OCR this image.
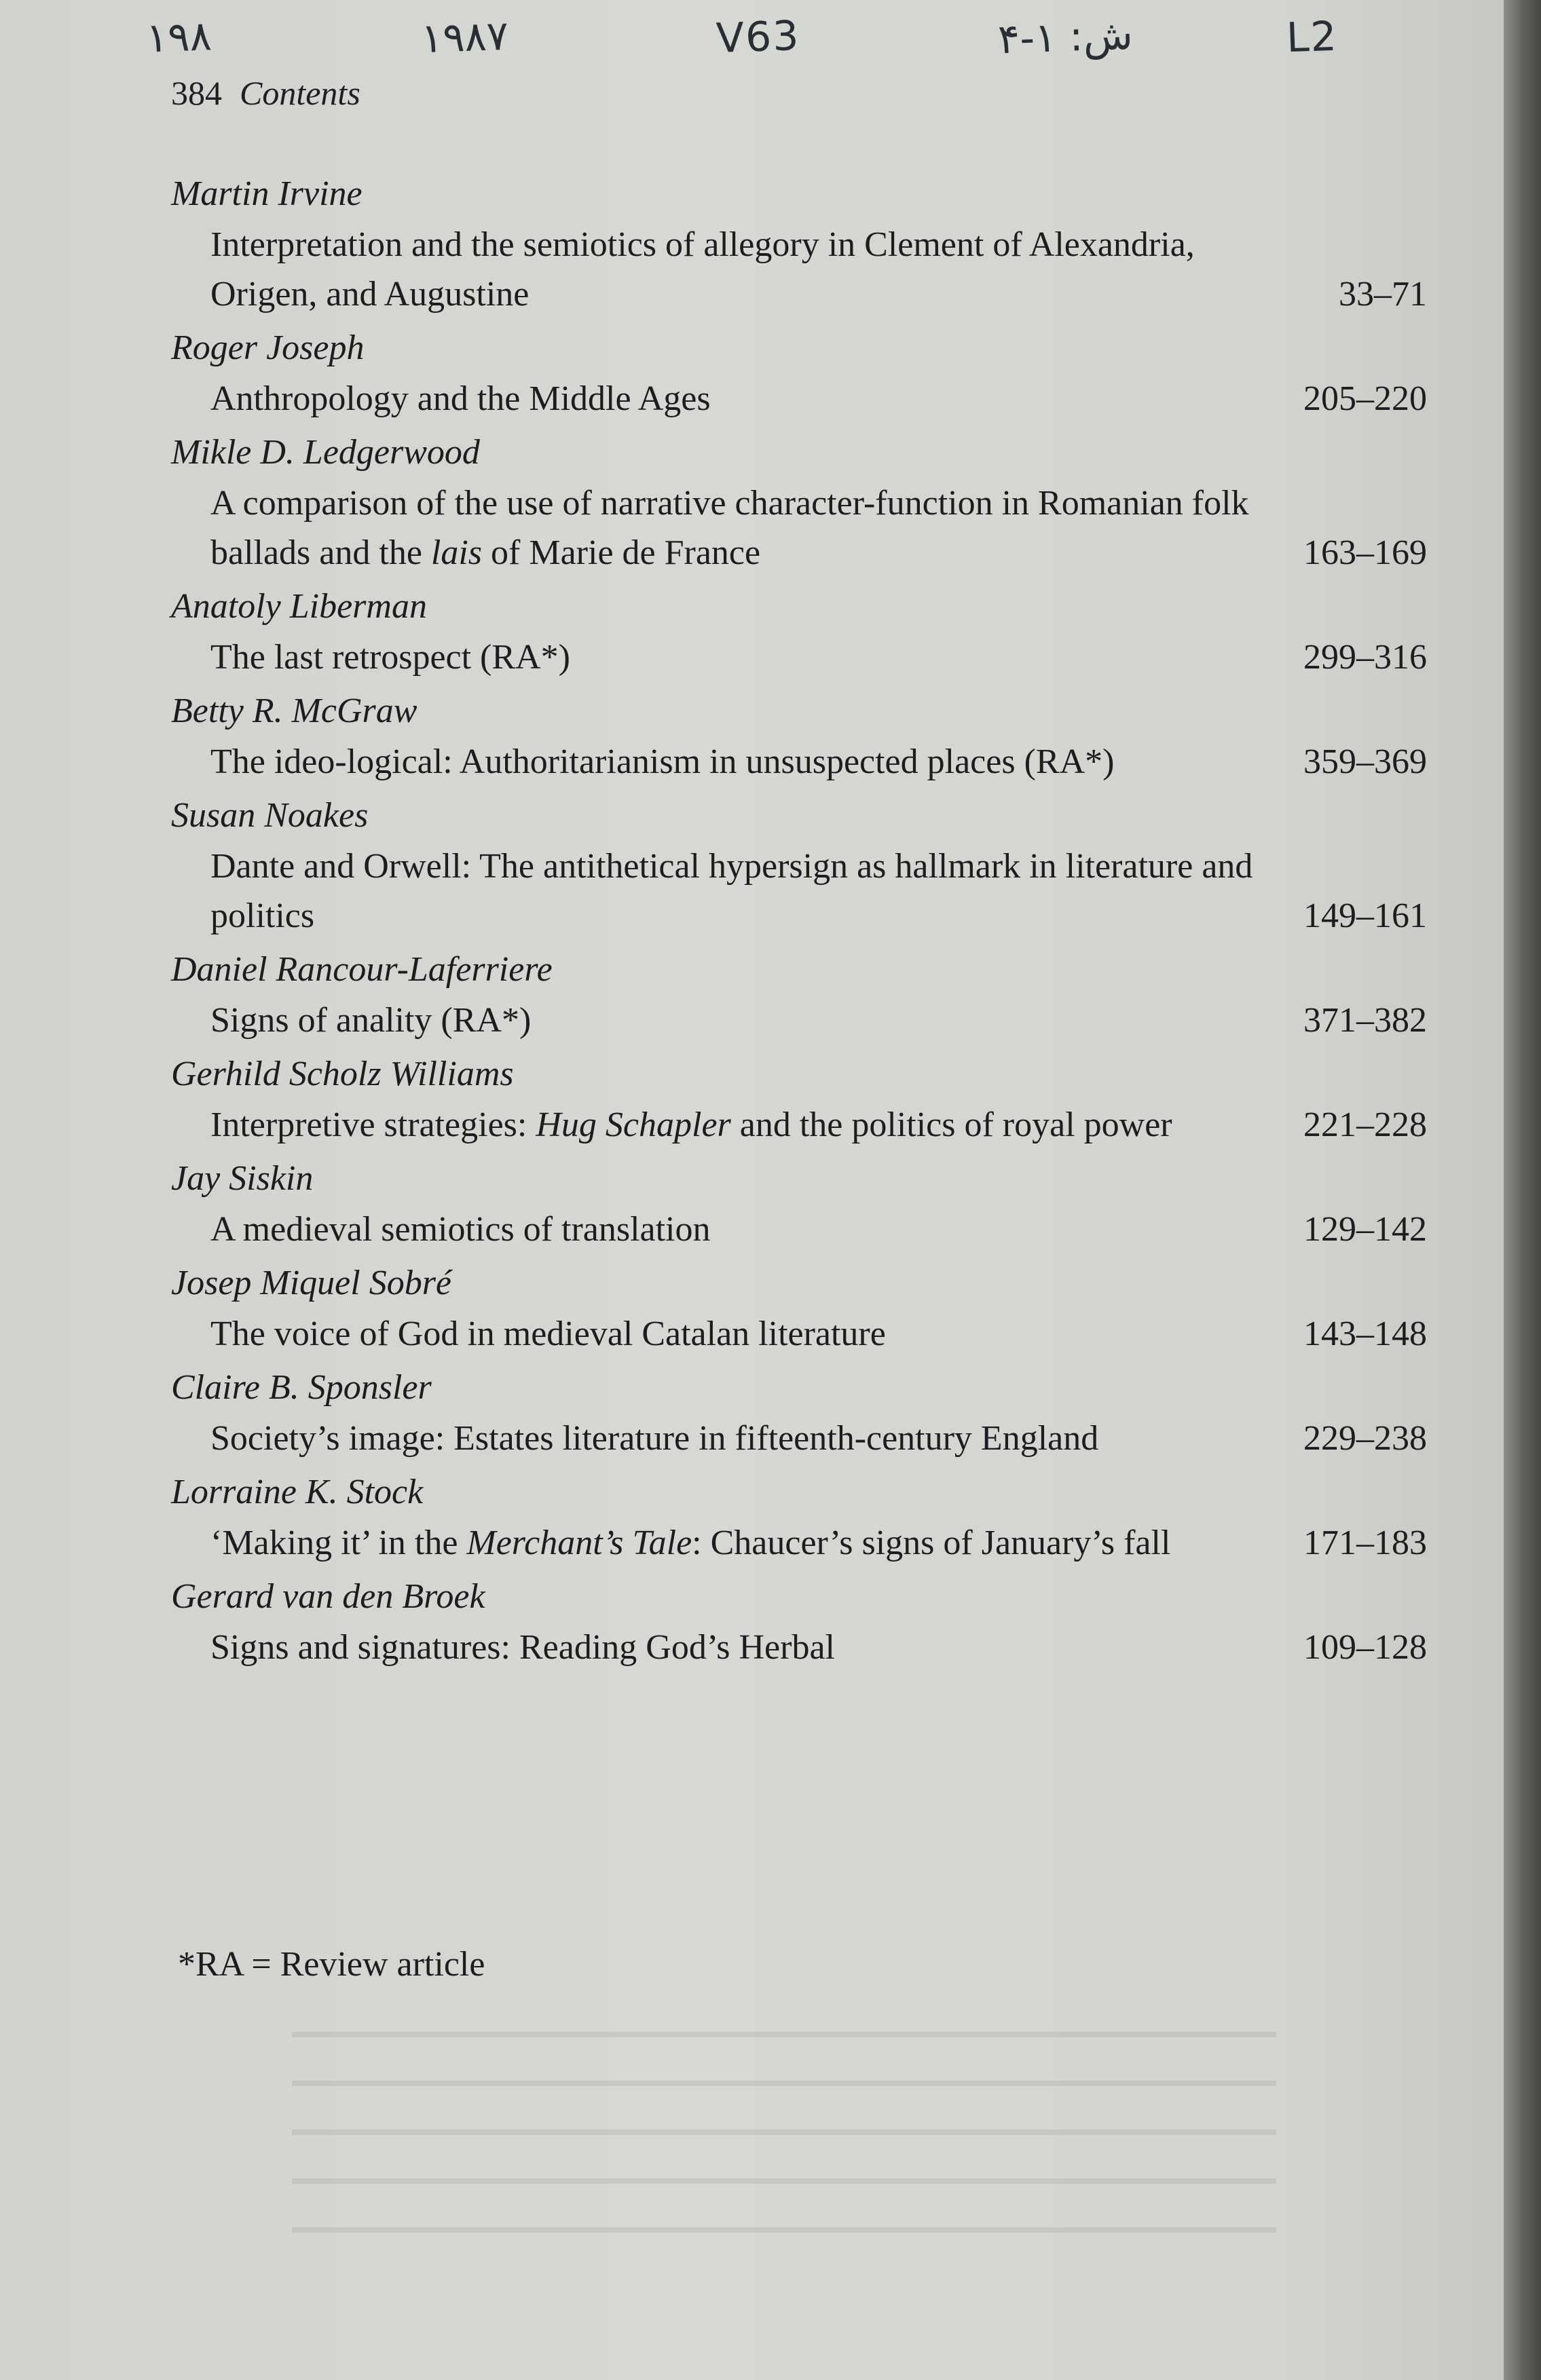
۱۹۸	۱۹۸۷	V63	ش: ۱-۴	L2
384 Contents
Martin Irvine
Interpretation and the semiotics of allegory in Clement of Alexandria, Origen, and Augustine	33–71
Roger Joseph
Anthropology and the Middle Ages	205–220
Mikle D. Ledgerwood
A comparison of the use of narrative character-function in Romanian folk ballads and the lais of Marie de France	163–169
Anatoly Liberman
The last retrospect (RA*)	299–316
Betty R. McGraw
The ideo-logical: Authoritarianism in unsuspected places (RA*)	359–369
Susan Noakes
Dante and Orwell: The antithetical hypersign as hallmark in literature and politics	149–161
Daniel Rancour-Laferriere
Signs of anality (RA*)	371–382
Gerhild Scholz Williams
Interpretive strategies: Hug Schapler and the politics of royal power	221–228
Jay Siskin
A medieval semiotics of translation	129–142
Josep Miquel Sobré
The voice of God in medieval Catalan literature	143–148
Claire B. Sponsler
Society’s image: Estates literature in fifteenth-century England	229–238
Lorraine K. Stock
‘Making it’ in the Merchant’s Tale: Chaucer’s signs of January’s fall	171–183
Gerard van den Broek
Signs and signatures: Reading God’s Herbal	109–128
*RA = Review article
